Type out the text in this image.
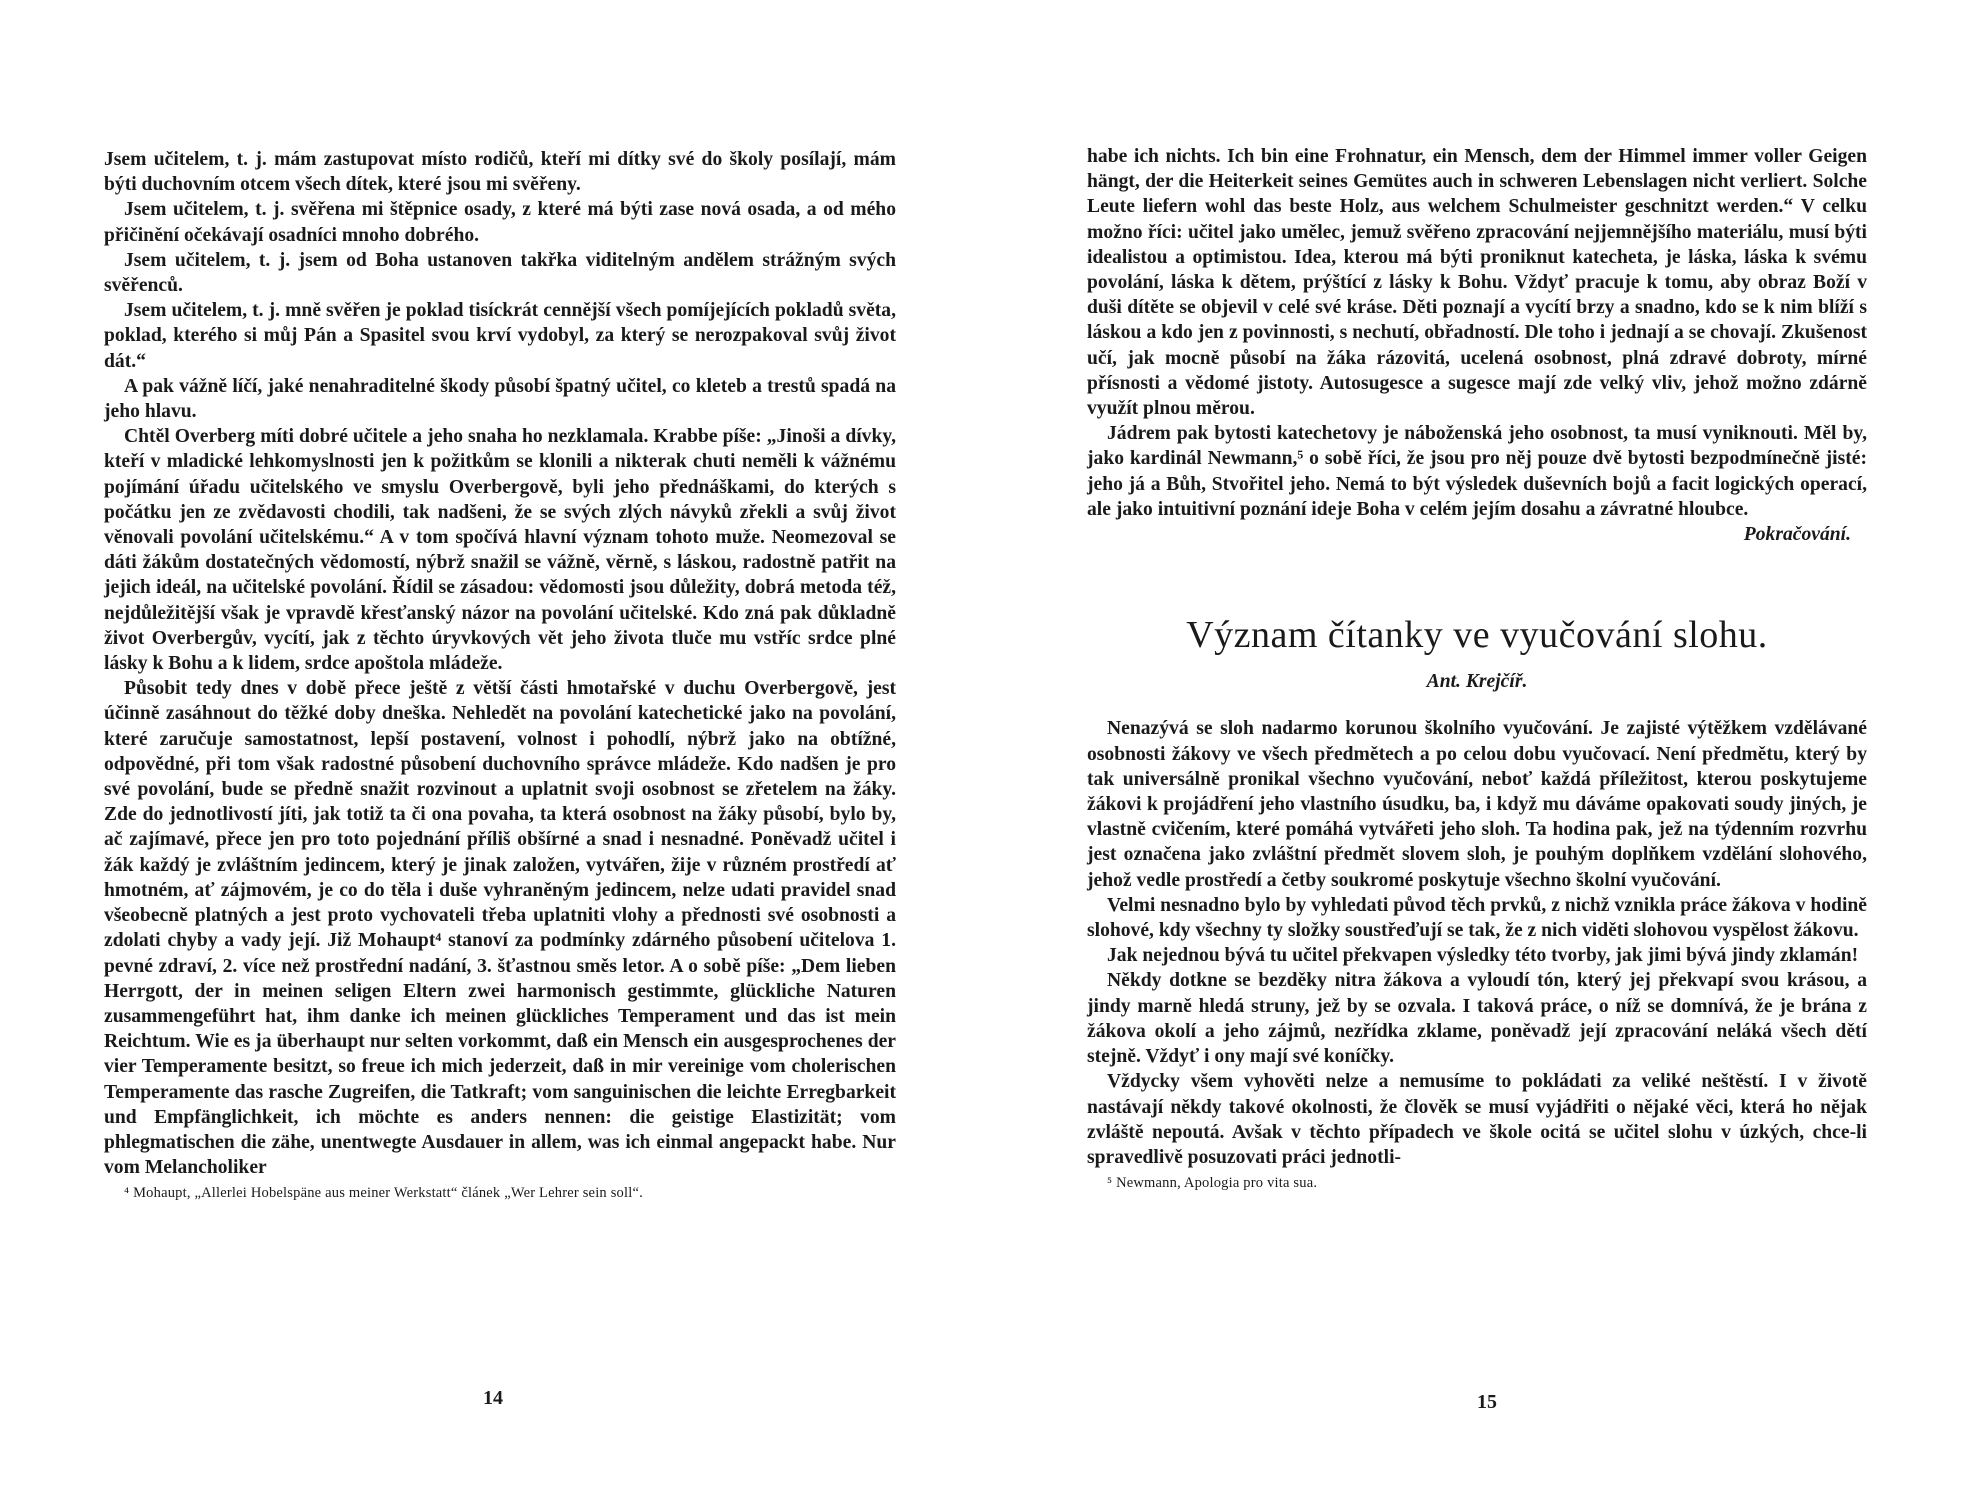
Jsem učitelem, t. j. mám zastupovat místo rodičů, kteří mi dítky své do školy posílají, mám býti duchovním otcem všech dítek, které jsou mi svěřeny.

Jsem učitelem, t. j. svěřena mi štěpnice osady, z které má býti zase nová osada, a od mého přičinění očekávají osadníci mnoho dobrého.

Jsem učitelem, t. j. jsem od Boha ustanoven takřka viditelným andělem strážným svých svěřenců.

Jsem učitelem, t. j. mně svěřen je poklad tisíckrát cennější všech pomíjejících pokladů světa, poklad, kterého si můj Pán a Spasitel svou krví vydobyl, za který se nerozpakoval svůj život dát.“

A pak vážně líčí, jaké nenahraditelné škody působí špatný učitel, co kleteb a trestů spadá na jeho hlavu.

Chtěl Overberg míti dobré učitele a jeho snaha ho nezklamala. Krabbe píše: „Jinoši a dívky, kteří v mladické lehkomyslnosti jen k požitkům se klonili a nikterak chuti neměli k vážnému pojímání úřadu učitelského ve smyslu Overbergově, byli jeho přednáškami, do kterých s počátku jen ze zvědavosti chodili, tak nadšeni, že se svých zlých návyků zřekli a svůj život věnovali povolání učitelskému.“ A v tom spočívá hlavní význam tohoto muže. Neomezoval se dáti žákům dostatečných vědomostí, nýbrž snažil se vážně, věrně, s láskou, radostně patřit na jejich ideál, na učitelské povolání. Řídil se zásadou: vědomosti jsou důležity, dobrá metoda též, nejdůležitější však je vpravdě křesťanský názor na povolání učitelské. Kdo zná pak důkladně život Overbergův, vycítí, jak z těchto úryvkových vět jeho života tluče mu vstříc srdce plné lásky k Bohu a k lidem, srdce apoštola mládeže.

Působit tedy dnes v době přece ještě z větší části hmotařské v duchu Overbergově, jest účinně zasáhnout do těžké doby dneška. Nehledět na povolání katechetické jako na povolání, které zaručuje samostatnost, lepší postavení, volnost i pohodlí, nýbrž jako na obtížné, odpovědné, při tom však radostné působení duchovního správce mládeže. Kdo nadšen je pro své povolání, bude se předně snažit rozvinout a uplatnit svoji osobnost se zřetelem na žáky. Zde do jednotlivostí jíti, jak totiž ta či ona povaha, ta která osobnost na žáky působí, bylo by, ač zajímavé, přece jen pro toto pojednání příliš obšírné a snad i nesnadné. Poněvadž učitel i žák každý je zvláštním jedincem, který je jinak založen, vytvářen, žije v různém prostředí ať hmotném, ať zájmovém, je co do těla i duše vyhraněným jedincem, nelze udati pravidel snad všeobecně platných a jest proto vychovateli třeba uplatniti vlohy a přednosti své osobnosti a zdolati chyby a vady její. Již Mohaupt⁴ stanoví za podmínky zdárného působení učitelova 1. pevné zdraví, 2. více než prostřední nadání, 3. šťastnou směs letor. A o sobě píše: „Dem lieben Herrgott, der in meinen seligen Eltern zwei harmonisch gestimmte, glückliche Naturen zusammengeführt hat, ihm danke ich meinen glückliches Temperament und das ist mein Reichtum. Wie es ja überhaupt nur selten vorkommt, daß ein Mensch ein ausgesprochenes der vier Temperamente besitzt, so freue ich mich jederzeit, daß in mir vereinige vom cholerischen Temperamente das rasche Zugreifen, die Tatkraft; vom sanguinischen die leichte Erregbarkeit und Empfänglichkeit, ich möchte es anders nennen: die geistige Elastizität; vom phlegmatischen die zähe, unentwegte Ausdauer in allem, was ich einmal angepackt habe. Nur vom Melancholiker

⁴ Mohaupt, „Allerlei Hobelspäne aus meiner Werkstatt“ článek „Wer Lehrer sein soll“.

14

habe ich nichts. Ich bin eine Frohnatur, ein Mensch, dem der Himmel immer voller Geigen hängt, der die Heiterkeit seines Gemütes auch in schweren Lebenslagen nicht verliert. Solche Leute liefern wohl das beste Holz, aus welchem Schulmeister geschnitzt werden.“ V celku možno říci: učitel jako umělec, jemuž svěřeno zpracování nejjemnějšího materiálu, musí býti idealistou a optimistou. Idea, kterou má býti proniknut katecheta, je láska, láska k svému povolání, láska k dětem, prýštící z lásky k Bohu. Vždyť pracuje k tomu, aby obraz Boží v duši dítěte se objevil v celé své kráse. Děti poznají a vycítí brzy a snadno, kdo se k nim blíží s láskou a kdo jen z povinnosti, s nechutí, obřadností. Dle toho i jednají a se chovají. Zkušenost učí, jak mocně působí na žáka rázovitá, ucelená osobnost, plná zdravé dobroty, mírné přísnosti a vědomé jistoty. Autosugesce a sugesce mají zde velký vliv, jehož možno zdárně využít plnou měrou.

Jádrem pak bytosti katechetovy je náboženská jeho osobnost, ta musí vyniknouti. Měl by, jako kardinál Newmann,⁵ o sobě říci, že jsou pro něj pouze dvě bytosti bezpodmínečně jisté: jeho já a Bůh, Stvořitel jeho. Nemá to být výsledek duševních bojů a facit logických operací, ale jako intuitivní poznání ideje Boha v celém jejím dosahu a závratné hloubce.

Pokračování.
Význam čítanky ve vyučování slohu.
Ant. Krejčíř.

Nenazývá se sloh nadarmo korunou školního vyučování. Je zajisté výtěžkem vzdělávané osobnosti žákovy ve všech předmětech a po celou dobu vyučovací. Není předmětu, který by tak universálně pronikal všechno vyučování, neboť každá příležitost, kterou poskytujeme žákovi k projádření jeho vlastního úsudku, ba, i když mu dáváme opakovati soudy jiných, je vlastně cvičením, které pomáhá vytvářeti jeho sloh. Ta hodina pak, jež na týdenním rozvrhu jest označena jako zvláštní předmět slovem sloh, je pouhým doplňkem vzdělání slohového, jehož vedle prostředí a četby soukromé poskytuje všechno školní vyučování.

Velmi nesnadno bylo by vyhledati původ těch prvků, z nichž vznikla práce žákova v hodině slohové, kdy všechny ty složky soustřeďují se tak, že z nich viděti slohovou vyspělost žákovu.

Jak nejednou bývá tu učitel překvapen výsledky této tvorby, jak jimi bývá jindy zklamán!

Někdy dotkne se bezděky nitra žákova a vyloudí tón, který jej překvapí svou krásou, a jindy marně hledá struny, jež by se ozvala. I taková práce, o níž se domnívá, že je brána z žákova okolí a jeho zájmů, nezřídka zklame, poněvadž její zpracování neláká všech dětí stejně. Vždyť i ony mají své koníčky.

Vždycky všem vyhověti nelze a nemusíme to pokládati za veliké neštěstí. I v životě nastávají někdy takové okolnosti, že člověk se musí vyjádřiti o nějaké věci, která ho nějak zvláště nepoutá. Avšak v těchto případech ve škole ocitá se učitel slohu v úzkých, chce-li spravedlivě posuzovati práci jednotli-

⁵ Newmann, Apologia pro vita sua.

15
